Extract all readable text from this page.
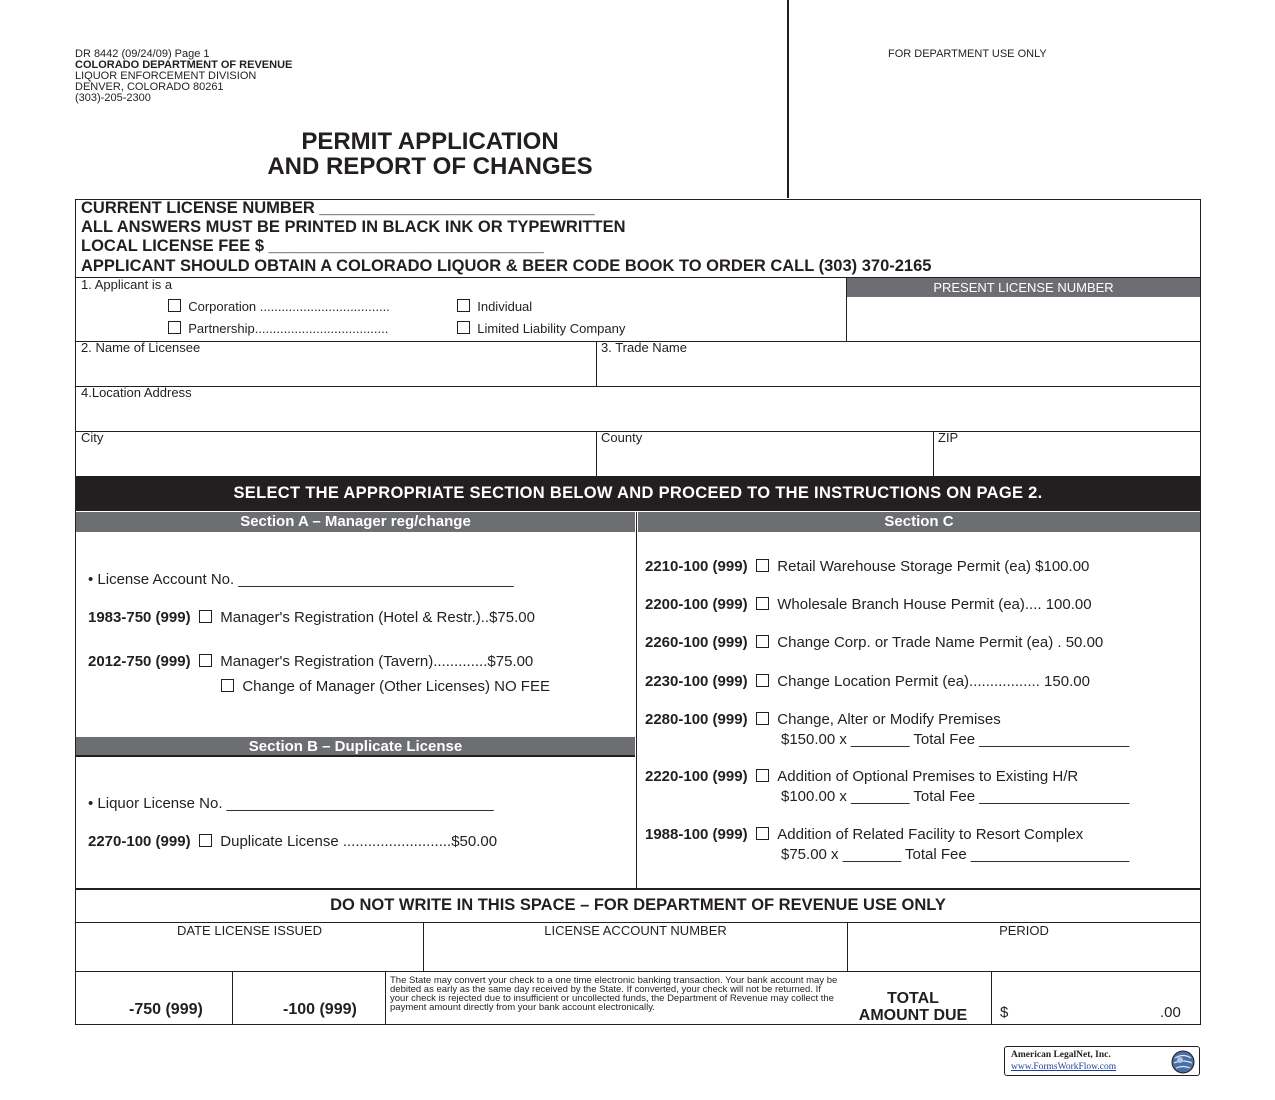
DR 8442 (09/24/09) Page 1
COLORADO DEPARTMENT OF REVENUE
LIQUOR ENFORCEMENT DIVISION
DENVER, COLORADO 80261
(303)-205-2300
FOR DEPARTMENT USE ONLY
PERMIT APPLICATION
AND REPORT OF CHANGES
CURRENT LICENSE NUMBER ______________________________
ALL ANSWERS MUST BE PRINTED IN BLACK INK OR TYPEWRITTEN
LOCAL LICENSE FEE $ ______________________________
APPLICANT SHOULD OBTAIN A COLORADO LIQUOR & BEER CODE BOOK TO ORDER CALL (303) 370-2165
1. Applicant is a
Corporation ....................................	Individual
Partnership.....................................	Limited Liability Company
PRESENT LICENSE NUMBER
2. Name of Licensee	3. Trade Name
4.Location Address
City	County	ZIP
SELECT THE APPROPRIATE SECTION BELOW AND PROCEED TO THE INSTRUCTIONS ON PAGE 2.
Section A – Manager reg/change	Section C
• License Account No. _________________________________
1983-750 (999) Manager's Registration (Hotel & Restr.)..$75.00
2012-750 (999) Manager's Registration (Tavern).............$75.00
Change of Manager (Other Licenses) NO FEE
Section B – Duplicate License
• Liquor License No. ________________________________
2270-100 (999) Duplicate License ..........................$50.00
2210-100 (999) Retail Warehouse Storage Permit (ea) $100.00
2200-100 (999) Wholesale Branch House Permit (ea).... 100.00
2260-100 (999) Change Corp. or Trade Name Permit (ea) . 50.00
2230-100 (999) Change Location Permit (ea)................. 150.00
2280-100 (999) Change, Alter or Modify Premises
$150.00 x _______ Total Fee __________________
2220-100 (999) Addition of Optional Premises to Existing H/R
$100.00 x _______ Total Fee __________________
1988-100 (999) Addition of Related Facility to Resort Complex
$75.00 x _______ Total Fee ___________________
DO NOT WRITE IN THIS SPACE – FOR DEPARTMENT OF REVENUE USE ONLY
DATE LICENSE ISSUED	LICENSE ACCOUNT NUMBER	PERIOD
-750 (999)	-100 (999)
The State may convert your check to a one time electronic banking transaction. Your bank account may be debited as early as the same day received by the State. If converted, your check will not be returned. If your check is rejected due to insufficient or uncollected funds, the Department of Revenue may collect the payment amount directly from your bank account electronically.
TOTAL
AMOUNT DUE	$	.00
American LegalNet, Inc.
www.FormsWorkFlow.com
